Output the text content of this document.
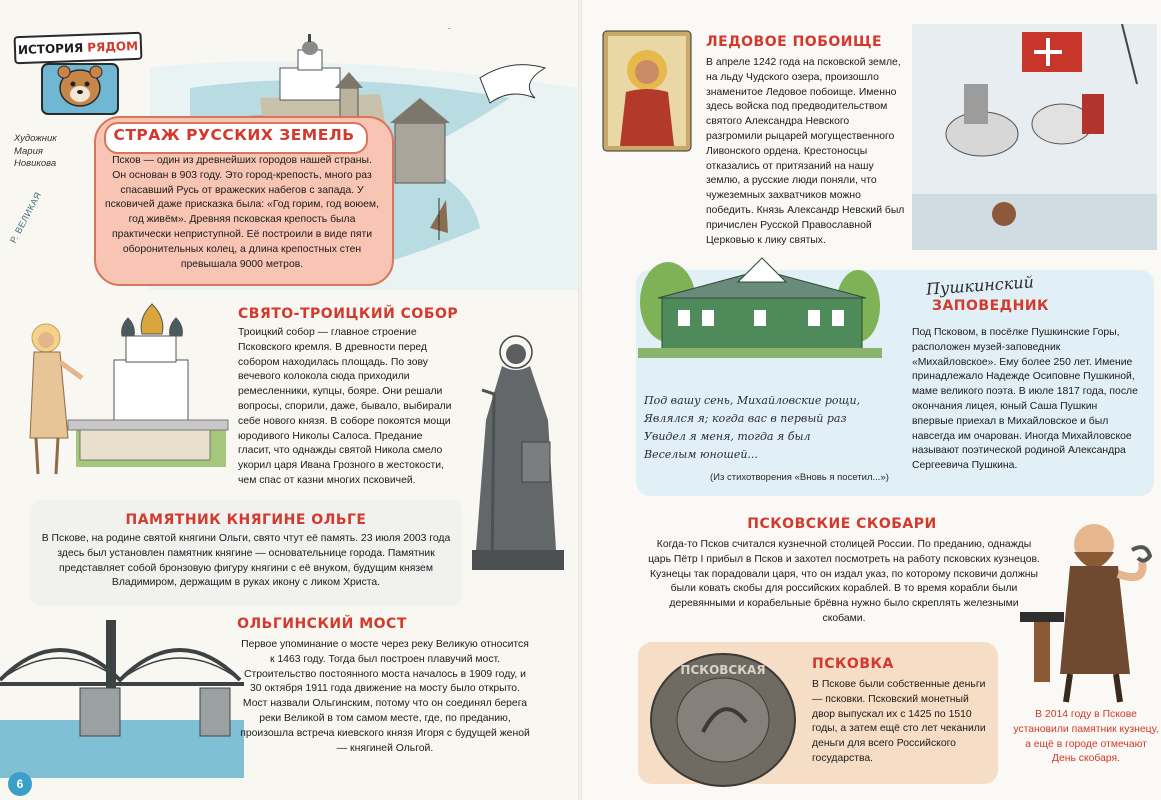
ИСТОРИЯ РЯДОМ
Художник
Мария
Новикова
Р. ВЕЛИКАЯ
СТРАЖ РУССКИХ ЗЕМЕЛЬ

Псков — один из древнейших городов нашей страны. Он основан в 903 году. Это город-крепость, много раз спасавший Русь от вражеских набегов с запада. У псковичей даже присказка была: «Год горим, год воюем, год живём». Древняя псковская крепость была практически неприступной. Её построили в виде пяти оборонительных колец, а длина крепостных стен превышала 9000 метров.

СВЯТО-ТРОИЦКИЙ СОБОР

Троицкий собор — главное строение Псковского кремля. В древности перед собором находилась площадь. По зову вечевого колокола сюда приходили ремесленники, купцы, бояре. Они решали вопросы, спорили, даже, бывало, выбирали себе нового князя. В соборе покоятся мощи юродивого Николы Салоса. Предание гласит, что однажды святой Никола смело укорил царя Ивана Грозного в жестокости, чем спас от казни многих псковичей.

ПАМЯТНИК КНЯГИНЕ ОЛЬГЕ

В Пскове, на родине святой княгини Ольги, свято чтут её память. 23 июля 2003 года здесь был установлен памятник княгине — основательнице города. Памятник представляет собой бронзовую фигуру княгини с её внуком, будущим князем Владимиром, держащим в руках икону с ликом Христа.

ОЛЬГИНСКИЙ МОСТ

Первое упоминание о мосте через реку Великую относится к 1463 году. Тогда был построен плавучий мост. Строительство постоянного моста началось в 1909 году, и 30 октября 1911 года движение на мосту было открыто. Мост назвали Ольгинским, потому что он соединял берега реки Великой в том самом месте, где, по преданию, произошла встреча киевского князя Игоря с будущей женой — княгиней Ольгой.

6
ЛЕДОВОЕ ПОБОИЩЕ

В апреле 1242 года на псковской земле, на льду Чудского озера, произошло знаменитое Ледовое побоище. Именно здесь войска под предводительством святого Александра Невского разгромили рыцарей могущественного Ливонского ордена. Крестоносцы отказались от притязаний на нашу землю, а русские люди поняли, что чужеземных захватчиков можно победить. Князь Александр Невский был причислен Русской Православной Церковью к лику святых.

Пушкинский
ЗАПОВЕДНИК

Под Псковом, в посёлке Пушкинские Горы, расположен музей-заповедник «Михайловское». Ему более 250 лет. Имение принадлежало Надежде Осиповне Пушкиной, маме великого поэта. В июле 1817 года, после окончания лицея, юный Саша Пушкин впервые приехал в Михайловское и был навсегда им очарован. Иногда Михайловское называют поэтической родиной Александра Сергеевича Пушкина.

Под вашу сень, Михайловские рощи,
Являлся я; когда вас в первый раз
Увидел я меня, тогда я был
Веселым юношей...
(Из стихотворения «Вновь я посетил...»)
ПСКОВСКИЕ СКОБАРИ

Когда-то Псков считался кузнечной столицей России. По преданию, однажды царь Пётр I прибыл в Псков и захотел посмотреть на работу псковских кузнецов. Кузнецы так порадовали царя, что он издал указ, по которому псковичи должны были ковать скобы для российских кораблей. В то время корабли были деревянными и корабельные брёвна нужно было скреплять железными скобами.

ПСКОВСКАЯ	ПСКОВКА

В Пскове были собственные деньги — псковки. Псковский монетный двор выпускал их с 1425 по 1510 годы, а затем ещё сто лет чеканили деньги для всего Российского государства.

В 2014 году в Пскове установили памятник кузнецу, а ещё в городе отмечают День скобаря.
